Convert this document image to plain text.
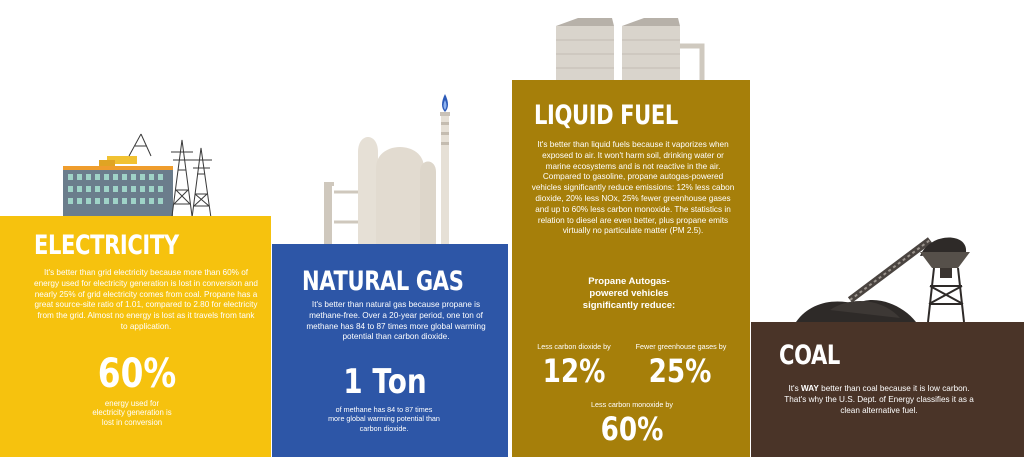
ELECTRICITY
It's better than grid electricity because more than 60% of energy used for electricity generation is lost in conversion and nearly 25% of grid electricity comes from coal. Propane has a great source-site ratio of 1.01, compared to 2.80 for electricity from the grid. Almost no energy is lost as it travels from tank to application.
60%
energy used for electricity generation is lost in conversion
NATURAL GAS
It's better than natural gas because propane is methane-free. Over a 20-year period, one ton of methane has 84 to 87 times more global warming potential than carbon dioxide.
1 Ton
of methane has 84 to 87 times more global warming potential than carbon dioxide.
LIQUID FUEL
It's better than liquid fuels because it vaporizes when exposed to air. It won't harm soil, drinking water or marine ecosystems and is not reactive in the air. Compared to gasoline, propane autogas-powered vehicles significantly reduce emissions: 12% less cabon dioxide, 20% less NOx, 25% fewer greenhouse gases and up to 60% less carbon monoxide. The statistics in relation to diesel are even better, plus propane emits virtually no particulate matter (PM 2.5).
Propane Autogas-powered vehicles significantly reduce:
Less carbon dioxide by
12%
Fewer greenhouse gases by
25%
Less carbon monoxide by
60%
COAL
It's WAY better than coal because it is low carbon. That's why the U.S. Dept. of Energy classifies it as a clean alternative fuel.
